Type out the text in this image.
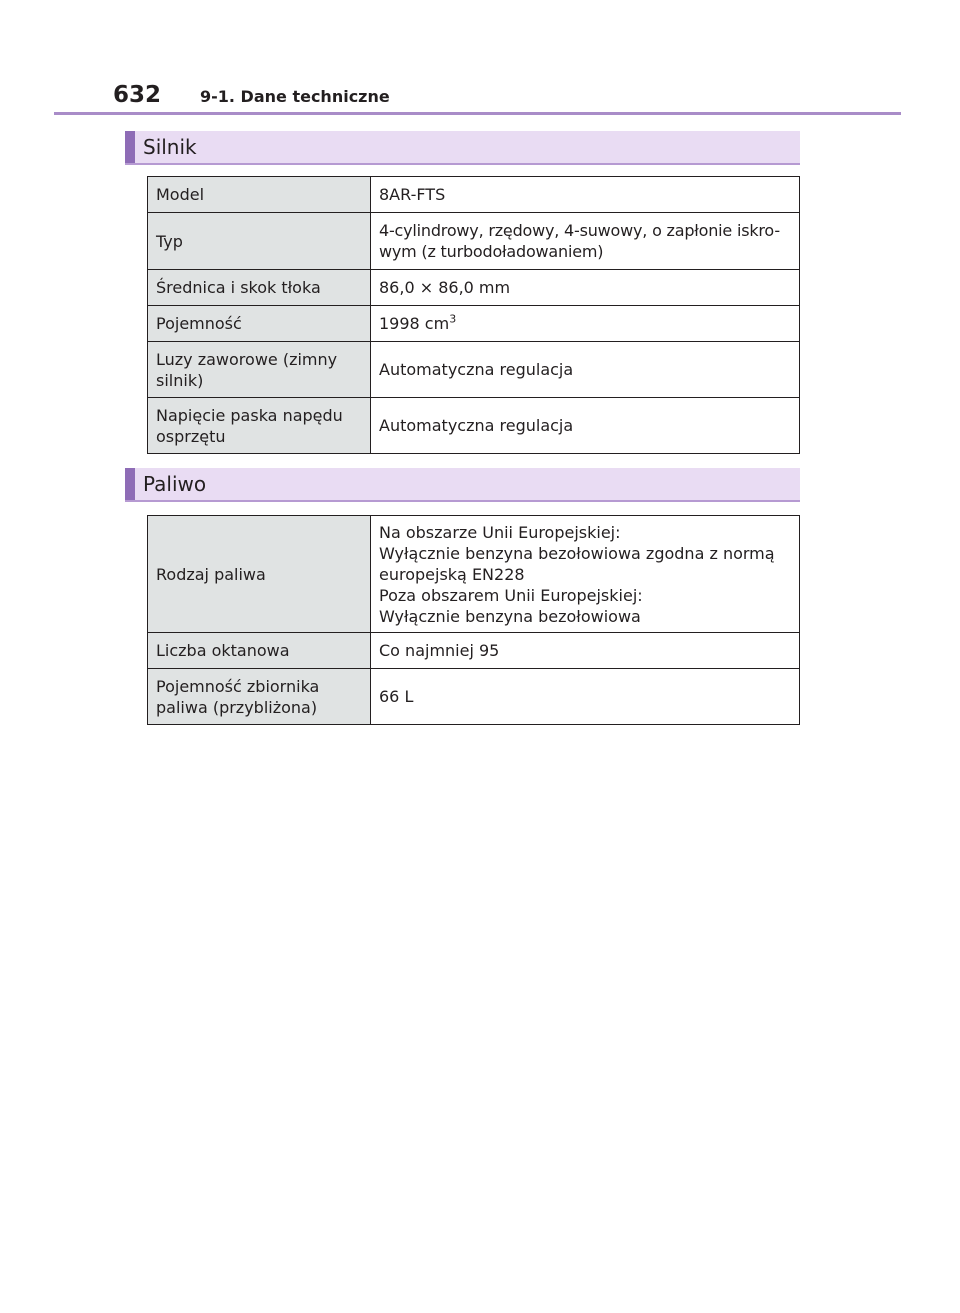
632 9-1. Dane techniczne
Silnik
Model	8AR-FTS
Typ	4-cylindrowy, rzędowy, 4-suwowy, o zapłonie iskro-wym (z turbodoładowaniem)
Średnica i skok tłoka	86,0 × 86,0 mm
Pojemność	1998 $cm^3$
Luzy zaworowe (zimny silnik)	Automatyczna regulacja
Napięcie paska napędu osprzętu	Automatyczna regulacja
Paliwo
Rodzaj paliwa	Na obszarze Unii Europejskiej:
Wyłącznie benzyna bezołowiowa zgodna z normą europejską EN228
Poza obszarem Unii Europejskiej:
Wyłącznie benzyna bezołowiowa

Liczba oktanowa	Co najmniej 95
Pojemność zbiornika paliwa (przybliżona)	66 L
